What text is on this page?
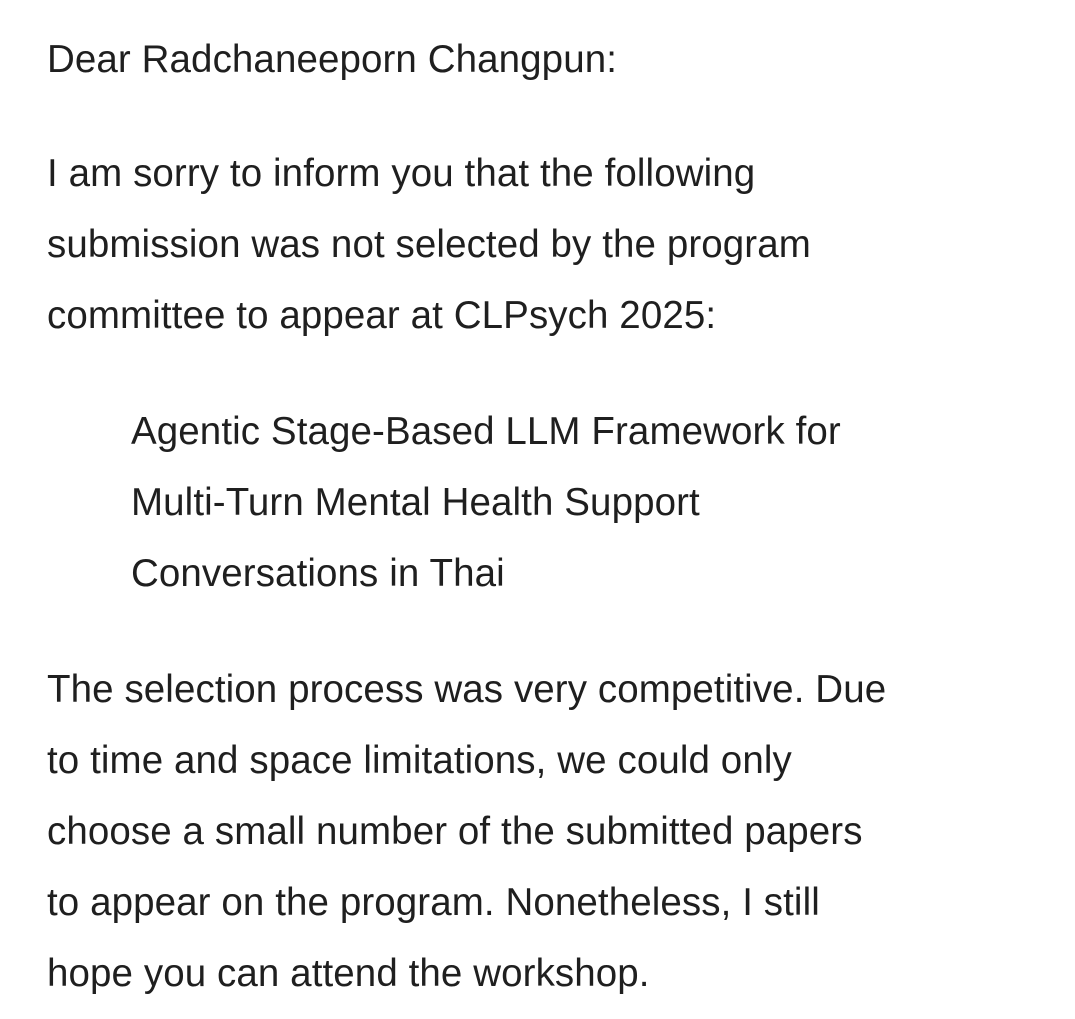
Dear Radchaneeporn Changpun:

I am sorry to inform you that the following
submission was not selected by the program
committee to appear at CLPsych 2025:

Agentic Stage-Based LLM Framework for
Multi-Turn Mental Health Support
Conversations in Thai

The selection process was very competitive. Due
to time and space limitations, we could only
choose a small number of the submitted papers
to appear on the program. Nonetheless, I still
hope you can attend the workshop.
